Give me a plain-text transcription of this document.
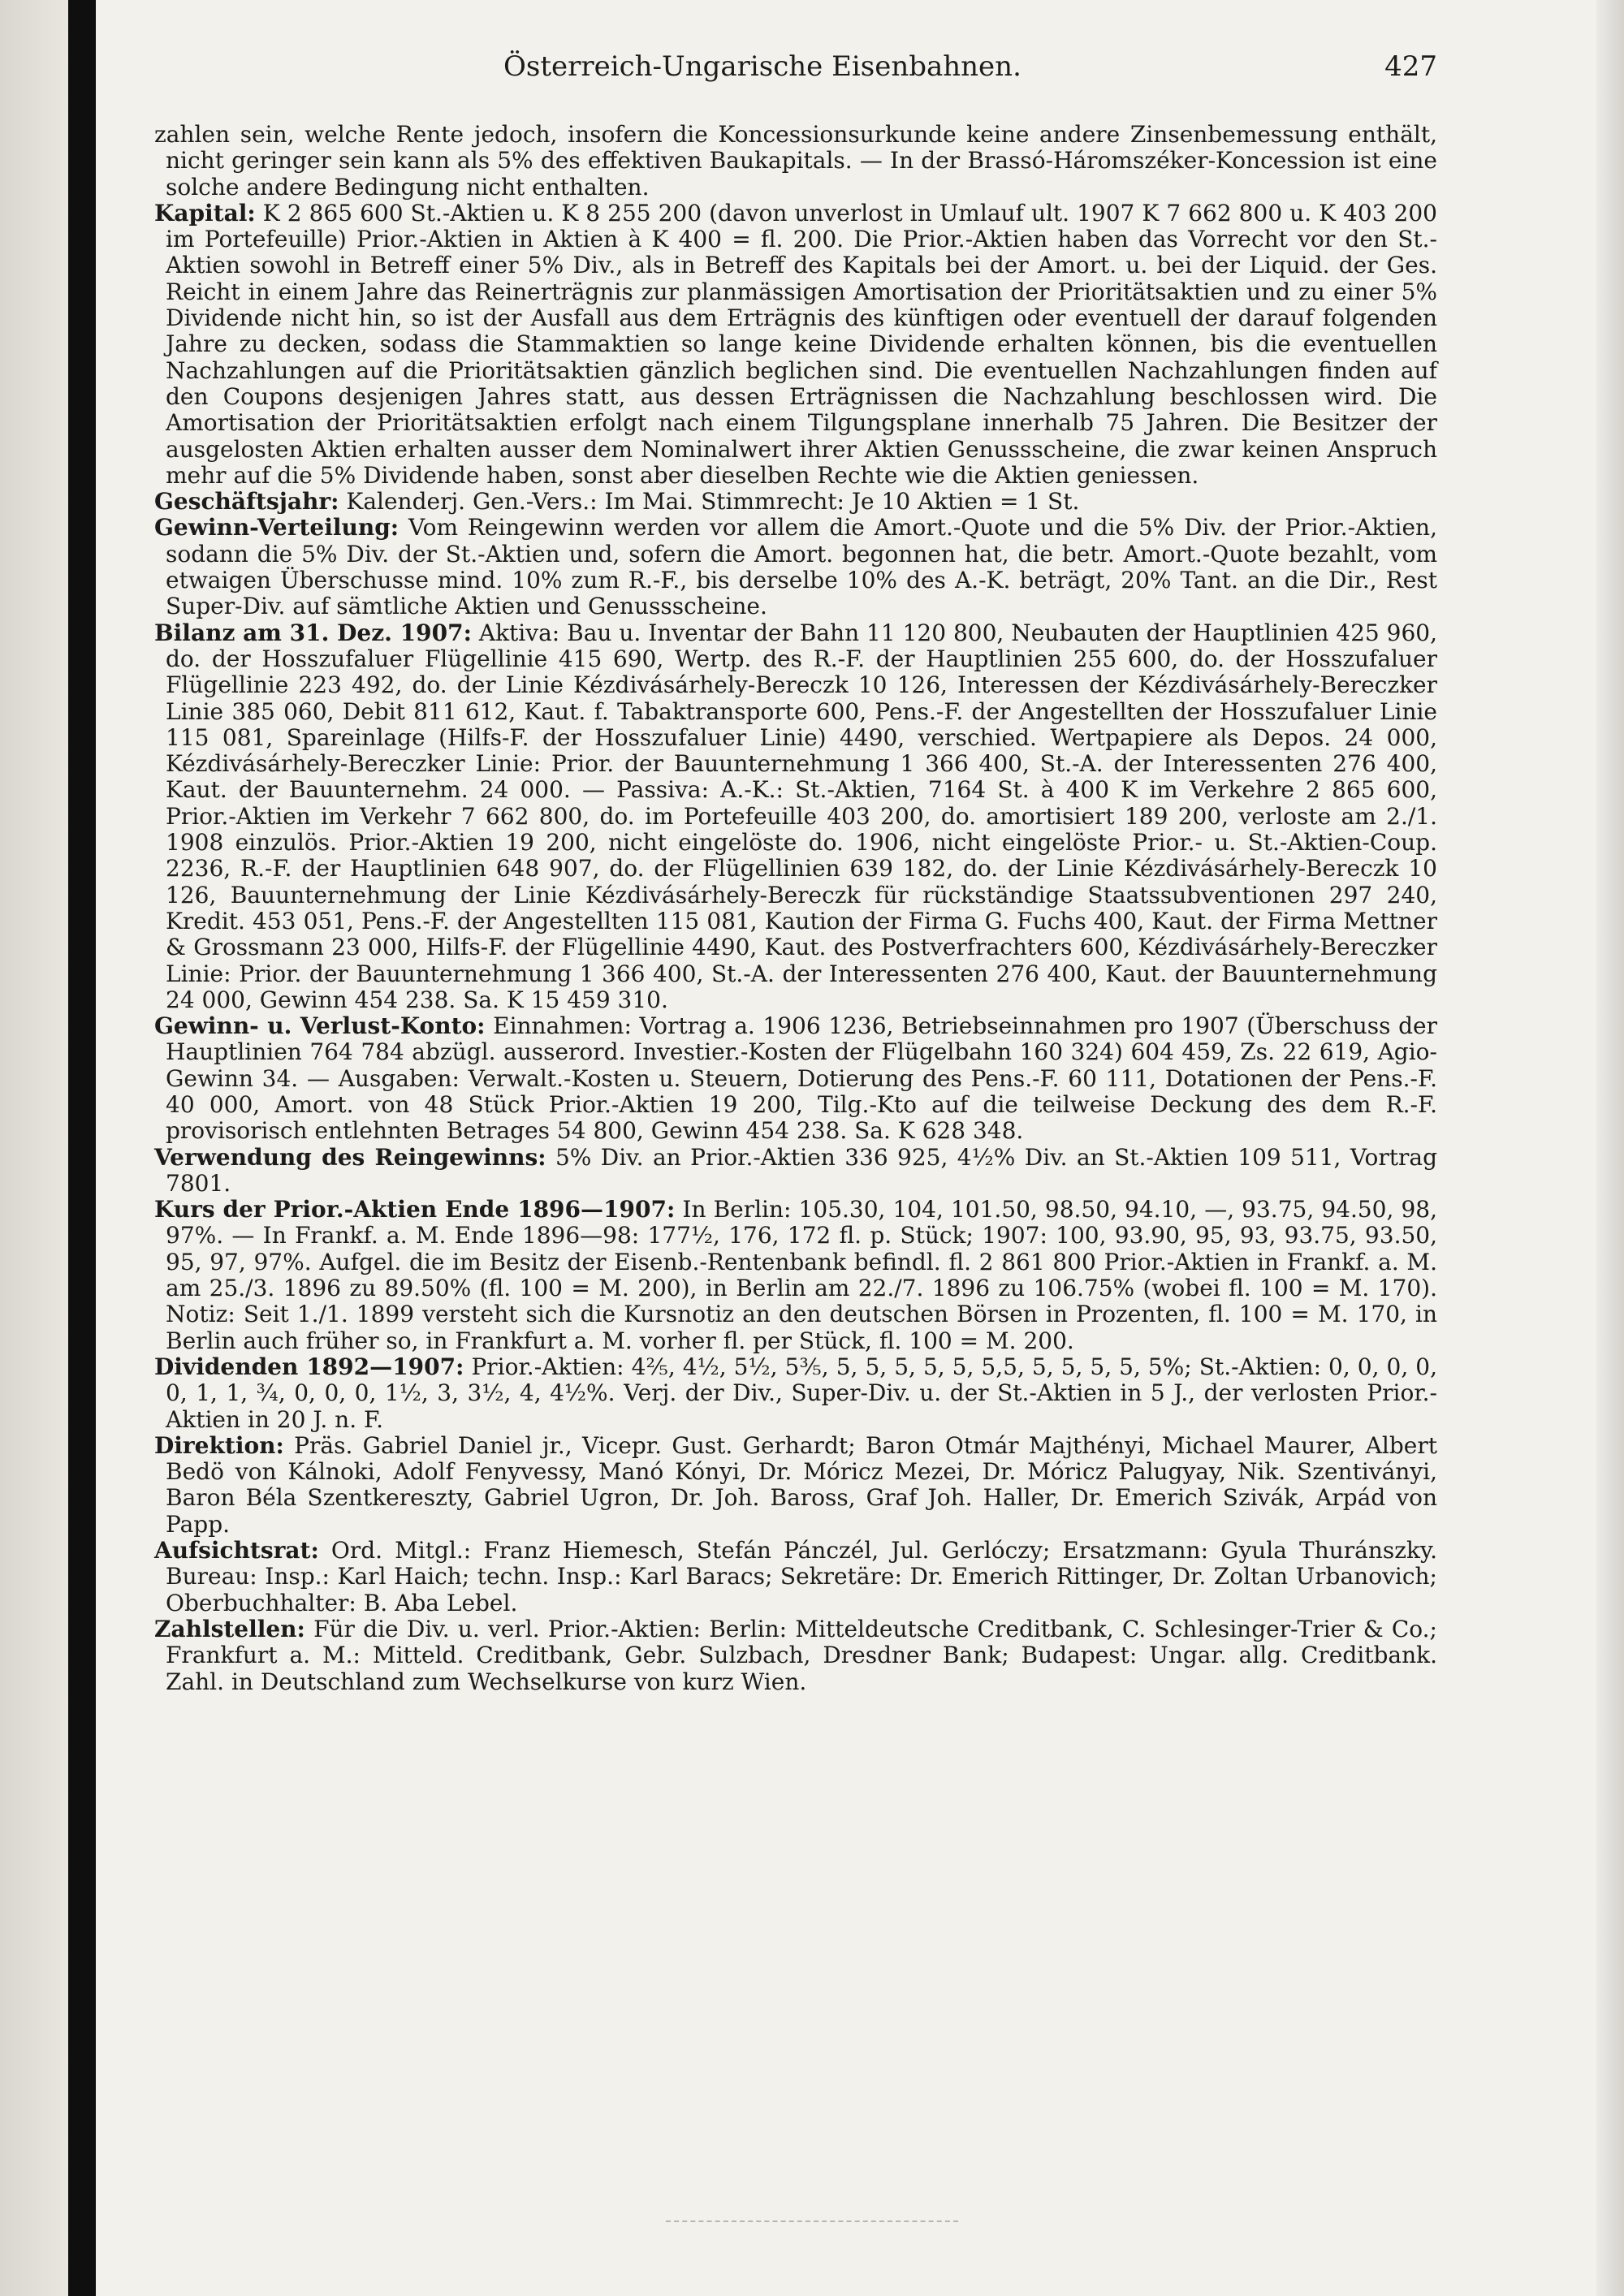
Österreich-Ungarische Eisenbahnen.	427

zahlen sein, welche Rente jedoch, insofern die Koncessionsurkunde keine andere Zinsenbemessung enthält, nicht geringer sein kann als 5% des effektiven Baukapitals. — In der Brassó-Háromszéker-Koncession ist eine solche andere Bedingung nicht enthalten.

Kapital: K 2 865 600 St.-Aktien u. K 8 255 200 (davon unverlost in Umlauf ult. 1907 K 7 662 800 u. K 403 200 im Portefeuille) Prior.-Aktien in Aktien à K 400 = fl. 200. Die Prior.-Aktien haben das Vorrecht vor den St.-Aktien sowohl in Betreff einer 5% Div., als in Betreff des Kapitals bei der Amort. u. bei der Liquid. der Ges. Reicht in einem Jahre das Reinerträgnis zur planmässigen Amortisation der Prioritätsaktien und zu einer 5% Dividende nicht hin, so ist der Ausfall aus dem Erträgnis des künftigen oder eventuell der darauf folgenden Jahre zu decken, sodass die Stammaktien so lange keine Dividende erhalten können, bis die eventuellen Nachzahlungen auf die Prioritätsaktien gänzlich beglichen sind. Die eventuellen Nachzahlungen finden auf den Coupons desjenigen Jahres statt, aus dessen Erträgnissen die Nachzahlung beschlossen wird. Die Amortisation der Prioritätsaktien erfolgt nach einem Tilgungsplane innerhalb 75 Jahren. Die Besitzer der ausgelosten Aktien erhalten ausser dem Nominalwert ihrer Aktien Genussscheine, die zwar keinen Anspruch mehr auf die 5% Dividende haben, sonst aber dieselben Rechte wie die Aktien geniessen.

Geschäftsjahr: Kalenderj. Gen.-Vers.: Im Mai. Stimmrecht: Je 10 Aktien = 1 St.

Gewinn-Verteilung: Vom Reingewinn werden vor allem die Amort.-Quote und die 5% Div. der Prior.-Aktien, sodann die 5% Div. der St.-Aktien und, sofern die Amort. begonnen hat, die betr. Amort.-Quote bezahlt, vom etwaigen Überschusse mind. 10% zum R.-F., bis derselbe 10% des A.-K. beträgt, 20% Tant. an die Dir., Rest Super-Div. auf sämtliche Aktien und Genussscheine.

Bilanz am 31. Dez. 1907: Aktiva: Bau u. Inventar der Bahn 11 120 800, Neubauten der Hauptlinien 425 960, do. der Hosszufaluer Flügellinie 415 690, Wertp. des R.-F. der Hauptlinien 255 600, do. der Hosszufaluer Flügellinie 223 492, do. der Linie Kézdivásárhely-Bereczk 10 126, Interessen der Kézdivásárhely-Bereczker Linie 385 060, Debit 811 612, Kaut. f. Tabaktransporte 600, Pens.-F. der Angestellten der Hosszufaluer Linie 115 081, Spareinlage (Hilfs-F. der Hosszufaluer Linie) 4490, verschied. Wertpapiere als Depos. 24 000, Kézdivásárhely-Bereczker Linie: Prior. der Bauunternehmung 1 366 400, St.-A. der Interessenten 276 400, Kaut. der Bauunternehm. 24 000. — Passiva: A.-K.: St.-Aktien, 7164 St. à 400 K im Verkehre 2 865 600, Prior.-Aktien im Verkehr 7 662 800, do. im Portefeuille 403 200, do. amortisiert 189 200, verloste am 2./1. 1908 einzulös. Prior.-Aktien 19 200, nicht eingelöste do. 1906, nicht eingelöste Prior.- u. St.-Aktien-Coup. 2236, R.-F. der Hauptlinien 648 907, do. der Flügellinien 639 182, do. der Linie Kézdivásárhely-Bereczk 10 126, Bauunternehmung der Linie Kézdivásárhely-Bereczk für rückständige Staatssubventionen 297 240, Kredit. 453 051, Pens.-F. der Angestellten 115 081, Kaution der Firma G. Fuchs 400, Kaut. der Firma Mettner & Grossmann 23 000, Hilfs-F. der Flügellinie 4490, Kaut. des Postverfrachters 600, Kézdivásárhely-Bereczker Linie: Prior. der Bauunternehmung 1 366 400, St.-A. der Interessenten 276 400, Kaut. der Bauunternehmung 24 000, Gewinn 454 238. Sa. K 15 459 310.

Gewinn- u. Verlust-Konto: Einnahmen: Vortrag a. 1906 1236, Betriebseinnahmen pro 1907 (Überschuss der Hauptlinien 764 784 abzügl. ausserord. Investier.-Kosten der Flügelbahn 160 324) 604 459, Zs. 22 619, Agio-Gewinn 34. — Ausgaben: Verwalt.-Kosten u. Steuern, Dotierung des Pens.-F. 60 111, Dotationen der Pens.-F. 40 000, Amort. von 48 Stück Prior.-Aktien 19 200, Tilg.-Kto auf die teilweise Deckung des dem R.-F. provisorisch entlehnten Betrages 54 800, Gewinn 454 238. Sa. K 628 348.

Verwendung des Reingewinns: 5% Div. an Prior.-Aktien 336 925, 4½% Div. an St.-Aktien 109 511, Vortrag 7801.

Kurs der Prior.-Aktien Ende 1896—1907: In Berlin: 105.30, 104, 101.50, 98.50, 94.10, —, 93.75, 94.50, 98, 97%. — In Frankf. a. M. Ende 1896—98: 177½, 176, 172 fl. p. Stück; 1907: 100, 93.90, 95, 93, 93.75, 93.50, 95, 97, 97%. Aufgel. die im Besitz der Eisenb.-Rentenbank befindl. fl. 2 861 800 Prior.-Aktien in Frankf. a. M. am 25./3. 1896 zu 89.50% (fl. 100 = M. 200), in Berlin am 22./7. 1896 zu 106.75% (wobei fl. 100 = M. 170). Notiz: Seit 1./1. 1899 versteht sich die Kursnotiz an den deutschen Börsen in Prozenten, fl. 100 = M. 170, in Berlin auch früher so, in Frankfurt a. M. vorher fl. per Stück, fl. 100 = M. 200.

Dividenden 1892—1907: Prior.-Aktien: 4⅖, 4½, 5½, 5⅗, 5, 5, 5, 5, 5, 5,5, 5, 5, 5, 5, 5%; St.-Aktien: 0, 0, 0, 0, 0, 1, 1, ¾, 0, 0, 0, 1½, 3, 3½, 4, 4½%. Verj. der Div., Super-Div. u. der St.-Aktien in 5 J., der verlosten Prior.-Aktien in 20 J. n. F.

Direktion: Präs. Gabriel Daniel jr., Vicepr. Gust. Gerhardt; Baron Otmár Majthényi, Michael Maurer, Albert Bedö von Kálnoki, Adolf Fenyvessy, Manó Kónyi, Dr. Móricz Mezei, Dr. Móricz Palugyay, Nik. Szentiványi, Baron Béla Szentkereszty, Gabriel Ugron, Dr. Joh. Baross, Graf Joh. Haller, Dr. Emerich Szivák, Arpád von Papp.

Aufsichtsrat: Ord. Mitgl.: Franz Hiemesch, Stefán Pánczél, Jul. Gerlóczy; Ersatzmann: Gyula Thuránszky. Bureau: Insp.: Karl Haich; techn. Insp.: Karl Baracs; Sekretäre: Dr. Emerich Rittinger, Dr. Zoltan Urbanovich; Oberbuchhalter: B. Aba Lebel.

Zahlstellen: Für die Div. u. verl. Prior.-Aktien: Berlin: Mitteldeutsche Creditbank, C. Schlesinger-Trier & Co.; Frankfurt a. M.: Mitteld. Creditbank, Gebr. Sulzbach, Dresdner Bank; Budapest: Ungar. allg. Creditbank. Zahl. in Deutschland zum Wechselkurse von kurz Wien.
